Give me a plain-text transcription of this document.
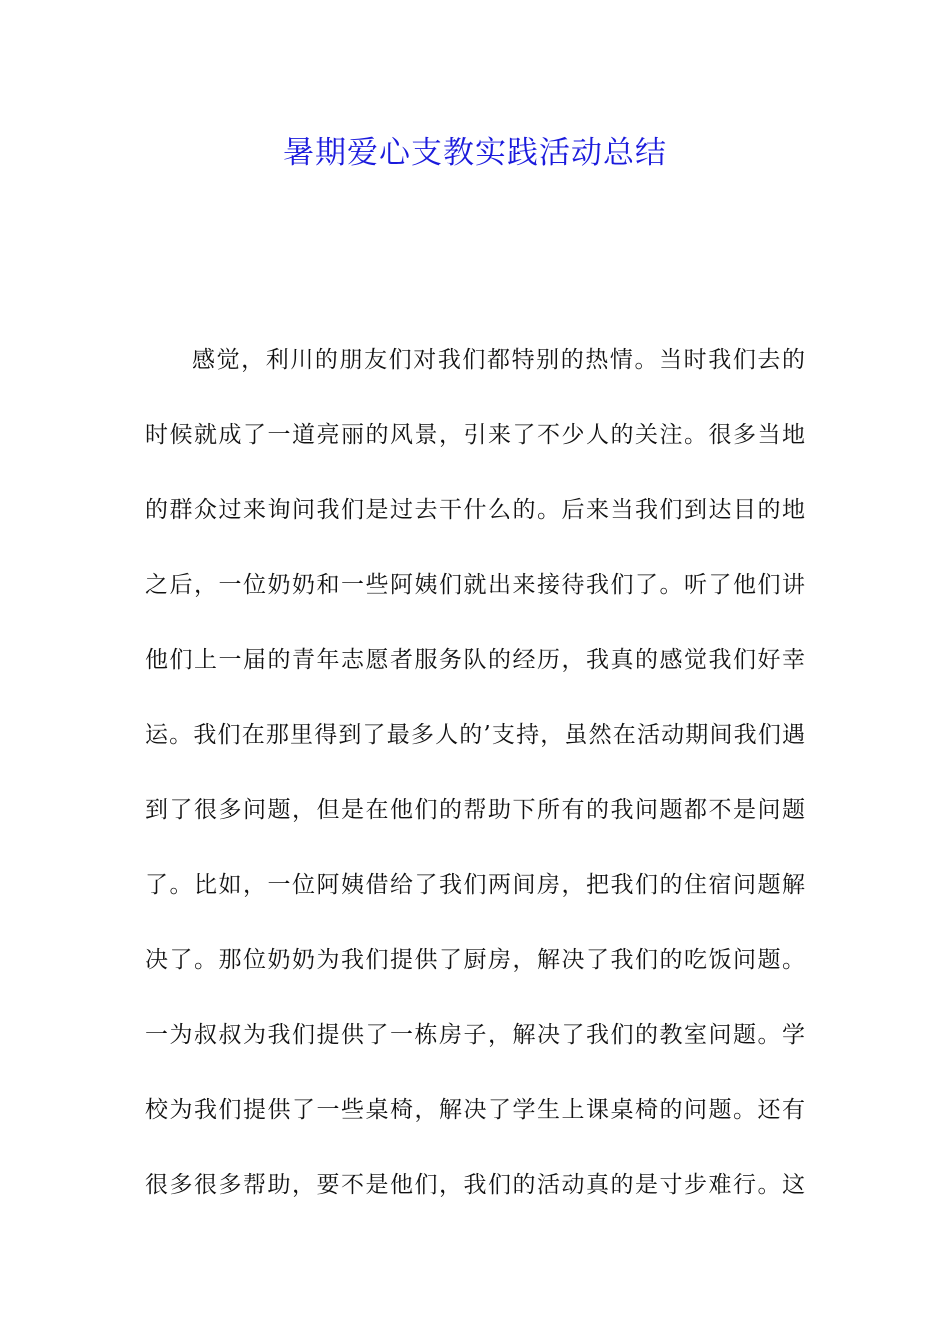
暑期爱心支教实践活动总结
感觉，利川的朋友们对我们都特别的热情。当时我们去的
时候就成了一道亮丽的风景，引来了不少人的关注。很多当地
的群众过来询问我们是过去干什么的。后来当我们到达目的地
之后，一位奶奶和一些阿姨们就出来接待我们了。听了他们讲
他们上一届的青年志愿者服务队的经历，我真的感觉我们好幸
运。我们在那里得到了最多人的’支持，虽然在活动期间我们遇
到了很多问题，但是在他们的帮助下所有的我问题都不是问题
了。比如，一位阿姨借给了我们两间房，把我们的住宿问题解
决了。那位奶奶为我们提供了厨房，解决了我们的吃饭问题。
一为叔叔为我们提供了一栋房子，解决了我们的教室问题。学
校为我们提供了一些桌椅，解决了学生上课桌椅的问题。还有
很多很多帮助，要不是他们，我们的活动真的是寸步难行。这
